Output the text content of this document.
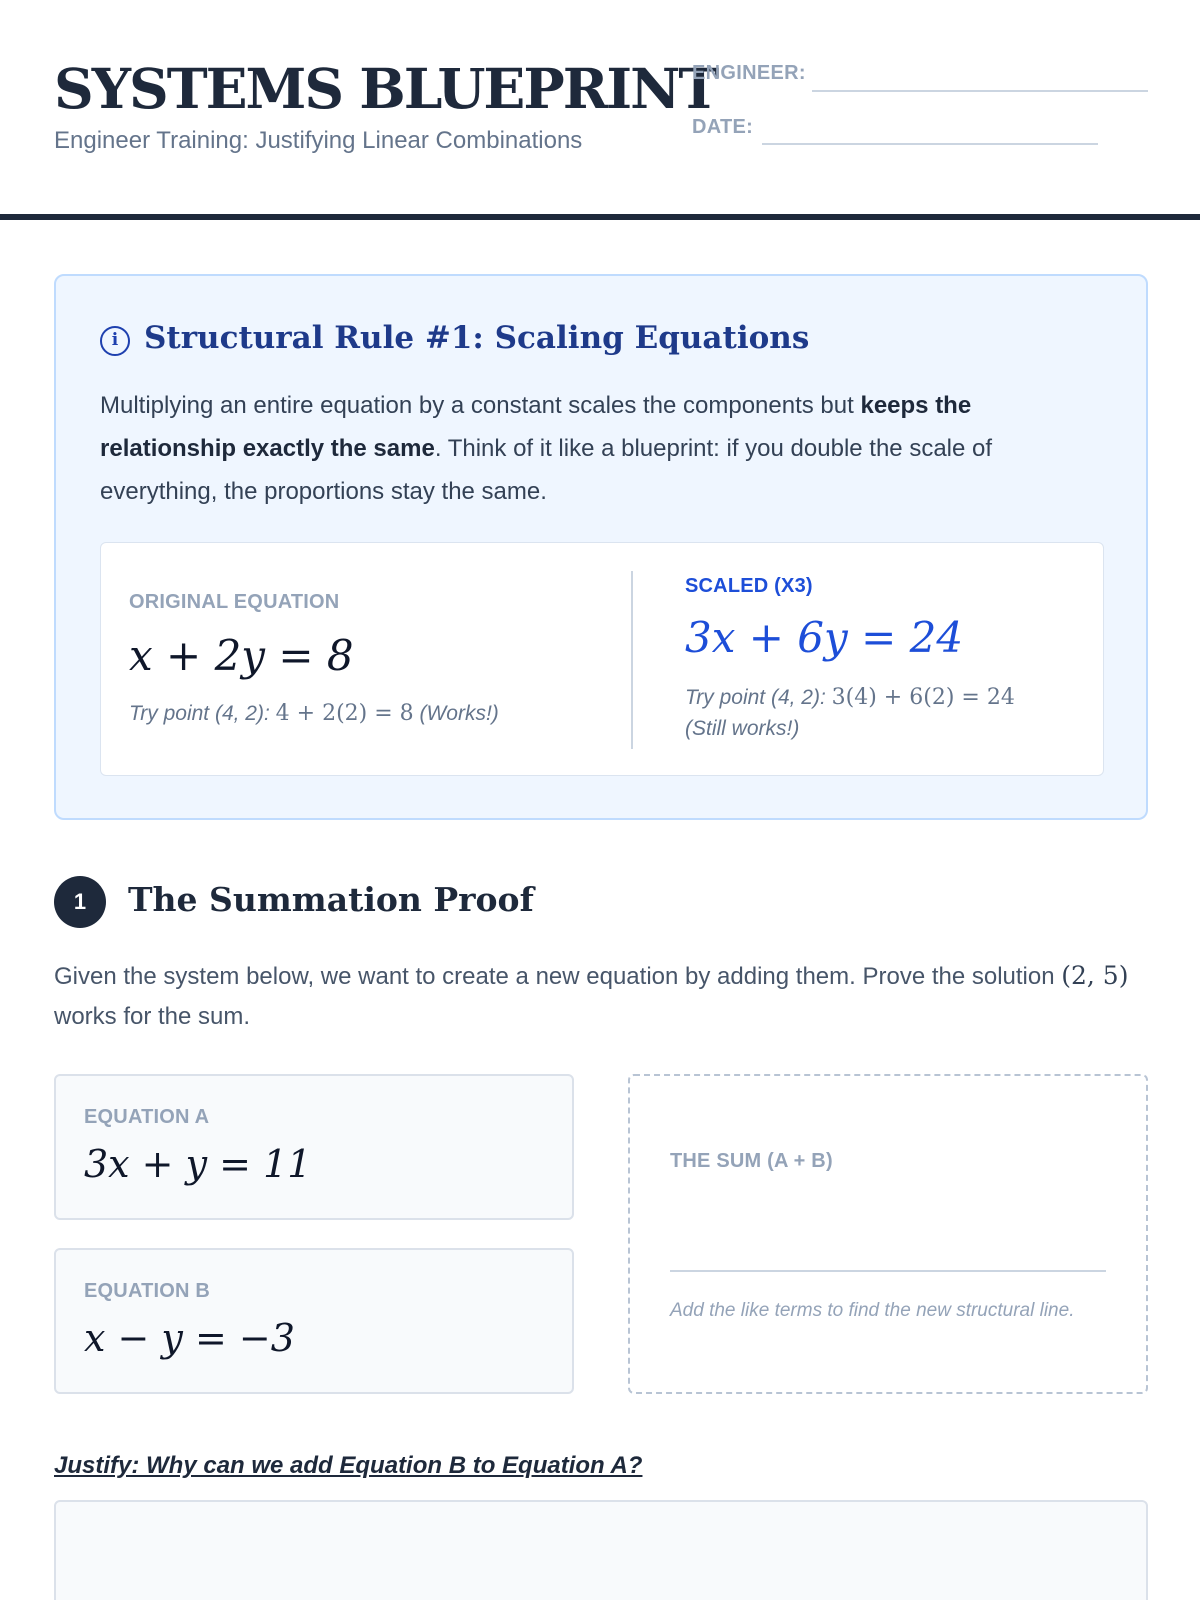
SYSTEMS BLUEPRINT
Engineer Training: Justifying Linear Combinations
ENGINEER:
DATE:
i Structural Rule #1: Scaling Equations
Multiplying an entire equation by a constant scales the components but keeps the relationship exactly the same. Think of it like a blueprint: if you double the scale of everything, the proportions stay the same.
ORIGINAL EQUATION
x + 2y = 8
Try point (4, 2): 4 + 2(2) = 8 (Works!)
SCALED (X3)
3x + 6y = 24
Try point (4, 2): 3(4) + 6(2) = 24
(Still works!)
1	The Summation Proof
Given the system below, we want to create a new equation by adding them. Prove the solution (2, 5) works for the sum.
EQUATION A
3x + y = 11
EQUATION B
x − y = −3
THE SUM (A + B)
Add the like terms to find the new structural line.
Justify: Why can we add Equation B to Equation A?
